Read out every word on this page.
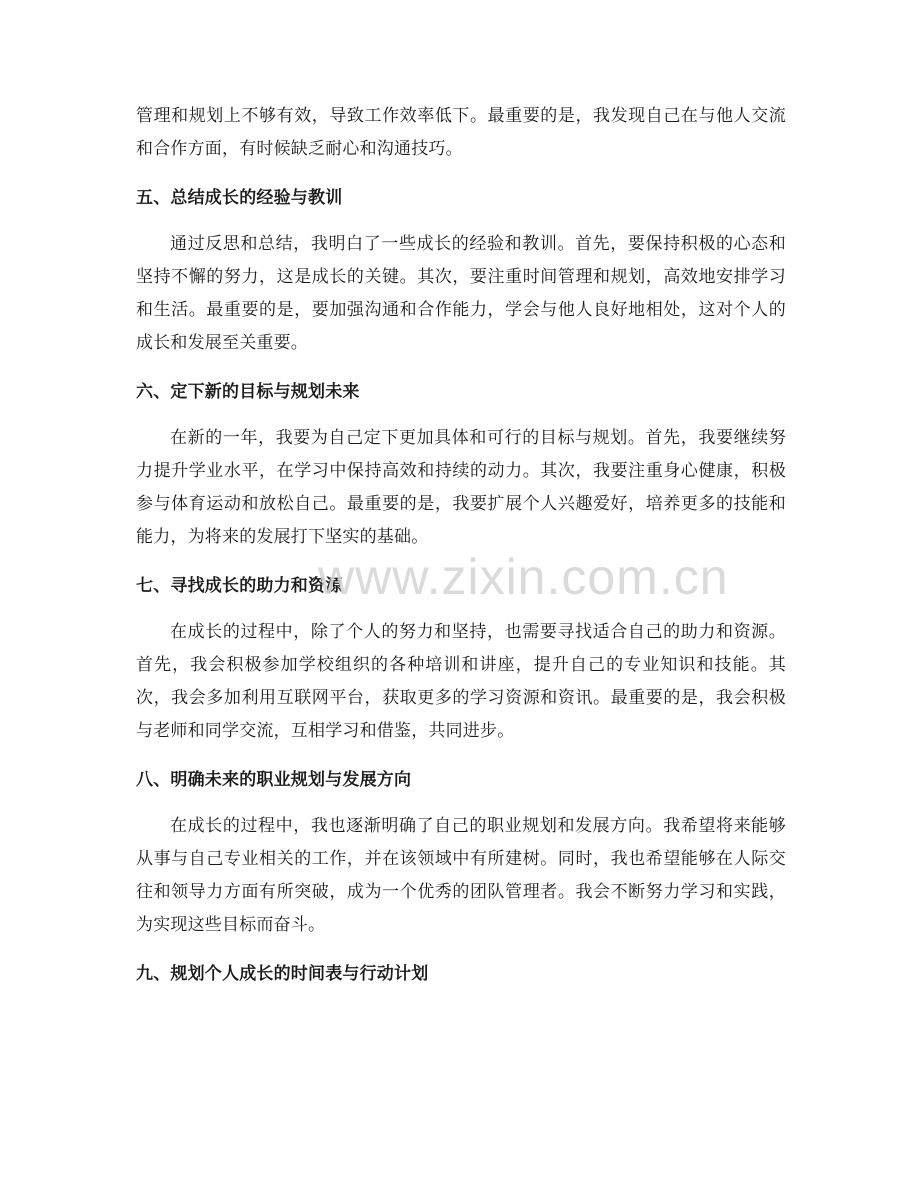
管理和规划上不够有效，导致工作效率低下。最重要的是，我发现自己在与他人交流和合作方面，有时候缺乏耐心和沟通技巧。

五、总结成长的经验与教训

通过反思和总结，我明白了一些成长的经验和教训。首先，要保持积极的心态和坚持不懈的努力，这是成长的关键。其次，要注重时间管理和规划，高效地安排学习和生活。最重要的是，要加强沟通和合作能力，学会与他人良好地相处，这对个人的成长和发展至关重要。

六、定下新的目标与规划未来

在新的一年，我要为自己定下更加具体和可行的目标与规划。首先，我要继续努力提升学业水平，在学习中保持高效和持续的动力。其次，我要注重身心健康，积极参与体育运动和放松自己。最重要的是，我要扩展个人兴趣爱好，培养更多的技能和能力，为将来的发展打下坚实的基础。

七、寻找成长的助力和资源

在成长的过程中，除了个人的努力和坚持，也需要寻找适合自己的助力和资源。首先，我会积极参加学校组织的各种培训和讲座，提升自己的专业知识和技能。其次，我会多加利用互联网平台，获取更多的学习资源和资讯。最重要的是，我会积极与老师和同学交流，互相学习和借鉴，共同进步。

八、明确未来的职业规划与发展方向

在成长的过程中，我也逐渐明确了自己的职业规划和发展方向。我希望将来能够从事与自己专业相关的工作，并在该领域中有所建树。同时，我也希望能够在人际交往和领导力方面有所突破，成为一个优秀的团队管理者。我会不断努力学习和实践，为实现这些目标而奋斗。

九、规划个人成长的时间表与行动计划
www.zixin.com.cn
